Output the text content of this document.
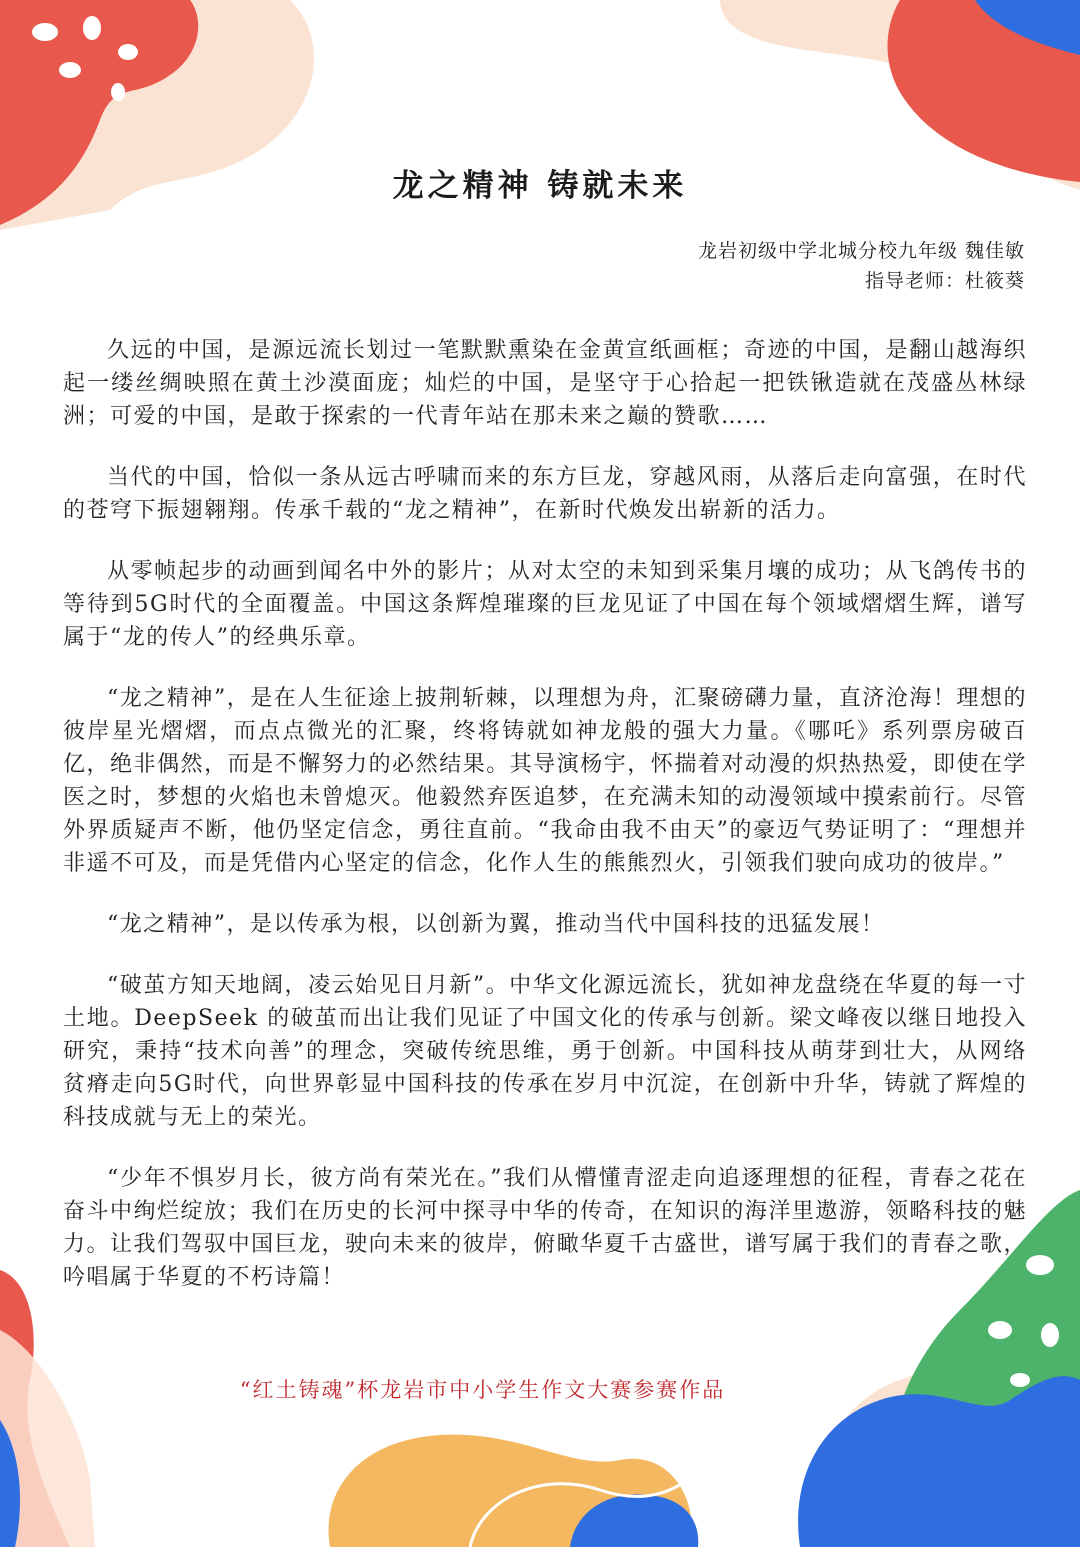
龙之精神 铸就未来
龙岩初级中学北城分校九年级 魏佳敏
指导老师：杜筱葵

久远的中国，是源远流长划过一笔默默熏染在金黄宣纸画框；奇迹的中国，是翻山越海织起一缕丝绸映照在黄土沙漠面庞；灿烂的中国，是坚守于心拾起一把铁锹造就在茂盛丛林绿洲；可爱的中国，是敢于探索的一代青年站在那未来之巅的赞歌……

当代的中国，恰似一条从远古呼啸而来的东方巨龙，穿越风雨，从落后走向富强，在时代的苍穹下振翅翱翔。传承千载的“龙之精神”，在新时代焕发出崭新的活力。

从零帧起步的动画到闻名中外的影片；从对太空的未知到采集月壤的成功；从飞鸽传书的等待到5G时代的全面覆盖。中国这条辉煌璀璨的巨龙见证了中国在每个领域熠熠生辉，谱写属于“龙的传人”的经典乐章。

“龙之精神”，是在人生征途上披荆斩棘，以理想为舟，汇聚磅礴力量，直济沧海！理想的彼岸星光熠熠，而点点微光的汇聚，终将铸就如神龙般的强大力量。《哪吒》系列票房破百亿，绝非偶然，而是不懈努力的必然结果。其导演杨宇，怀揣着对动漫的炽热热爱，即使在学医之时，梦想的火焰也未曾熄灭。他毅然弃医追梦，在充满未知的动漫领域中摸索前行。尽管外界质疑声不断，他仍坚定信念，勇往直前。“我命由我不由天”的豪迈气势证明了：“理想并非遥不可及，而是凭借内心坚定的信念，化作人生的熊熊烈火，引领我们驶向成功的彼岸。”

“龙之精神”，是以传承为根，以创新为翼，推动当代中国科技的迅猛发展！

“破茧方知天地阔，凌云始见日月新”。中华文化源远流长，犹如神龙盘绕在华夏的每一寸土地。DeepSeek 的破茧而出让我们见证了中国文化的传承与创新。梁文峰夜以继日地投入研究，秉持“技术向善”的理念，突破传统思维，勇于创新。中国科技从萌芽到壮大，从网络贫瘠走向5G时代，向世界彰显中国科技的传承在岁月中沉淀，在创新中升华，铸就了辉煌的科技成就与无上的荣光。

“少年不惧岁月长，彼方尚有荣光在。”我们从懵懂青涩走向追逐理想的征程，青春之花在奋斗中绚烂绽放；我们在历史的长河中探寻中华的传奇，在知识的海洋里遨游，领略科技的魅力。让我们驾驭中国巨龙，驶向未来的彼岸，俯瞰华夏千古盛世，谱写属于我们的青春之歌，吟唱属于华夏的不朽诗篇！

“红土铸魂”杯龙岩市中小学生作文大赛参赛作品
